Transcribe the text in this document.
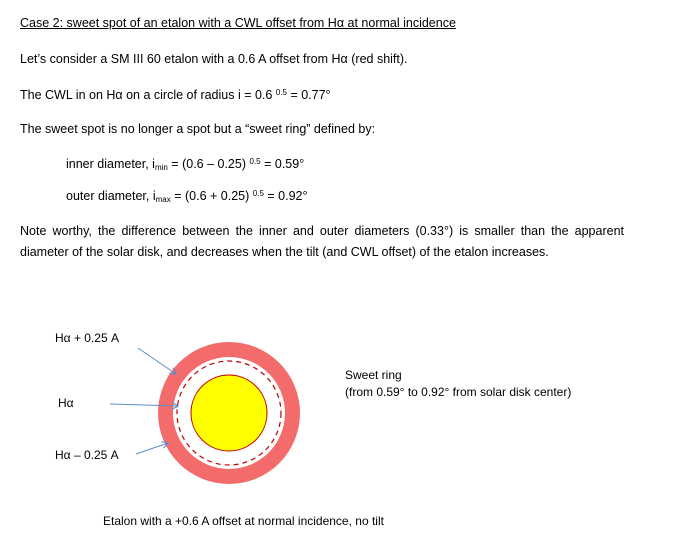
Case 2: sweet spot of an etalon with a CWL offset from Hα at normal incidence
Let’s consider a SM III 60 etalon with a 0.6 A offset from Hα (red shift).
The CWL in on Hα on a circle of radius i = 0.6 $^{0.5}$ = 0.77°
The sweet spot is no longer a spot but a “sweet ring” defined by:
inner diameter, $i_{min} = (0.6 - 0.25) ^{0.5} = 0.59^\circ$
outer diameter, $i_{max} = (0.6 + 0.25) ^{0.5} = 0.92^\circ$
Note worthy, the difference between the inner and outer diameters (0.33°) is smaller than the apparent diameter of the solar disk, and decreases when the tilt (and CWL offset) of the etalon increases.
Hα + 0.25 A
Hα
Hα – 0.25 A
Sweet ring
(from 0.59° to 0.92° from solar disk center)
Etalon with a +0.6 A offset at normal incidence, no tilt
